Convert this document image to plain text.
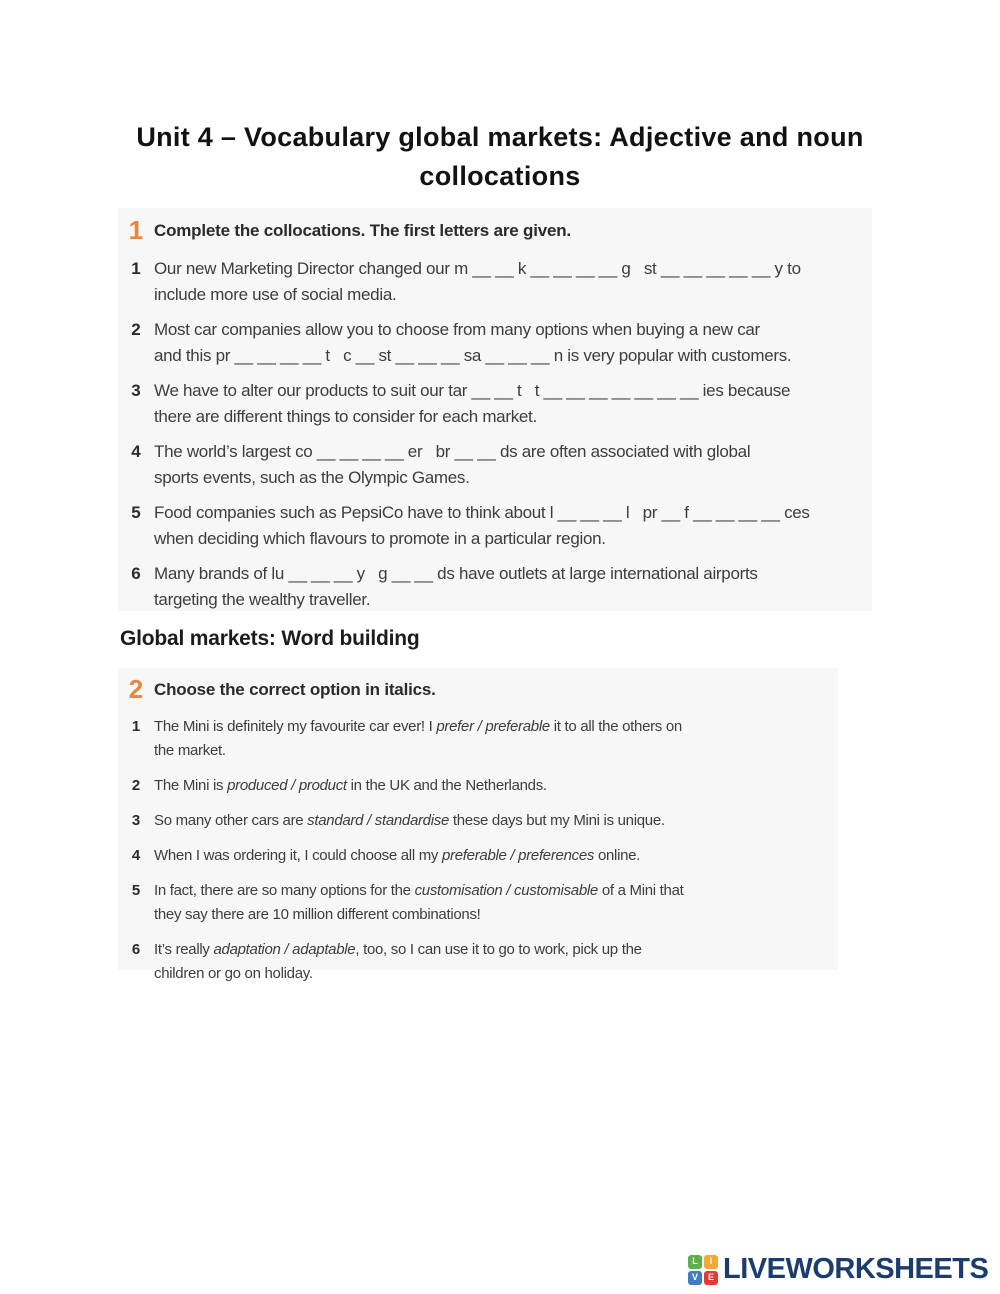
Unit 4 – Vocabulary global markets: Adjective and noun collocations
1 Complete the collocations. The first letters are given.
1 Our new Marketing Director changed our m __ __ k __ __ __ __ g   st __ __ __ __ __ y to
include more use of social media.
2 Most car companies allow you to choose from many options when buying a new car
and this pr __ __ __ __ t   c __ st __ __ __ sa __ __ __ n is very popular with customers.
3 We have to alter our products to suit our tar __ __ t   t __ __ __ __ __ __ __ ies because
there are different things to consider for each market.
4 The world’s largest co __ __ __ __ er   br __ __ ds are often associated with global
sports events, such as the Olympic Games.
5 Food companies such as PepsiCo have to think about l __ __ __ l   pr __ f __ __ __ __ ces
when deciding which flavours to promote in a particular region.
6 Many brands of lu __ __ __ y   g __ __ ds have outlets at large international airports
targeting the wealthy traveller.
Global markets: Word building
2 Choose the correct option in italics.
1 The Mini is definitely my favourite car ever! I prefer / preferable it to all the others on
the market.
2 The Mini is produced / product in the UK and the Netherlands.
3 So many other cars are standard / standardise these days but my Mini is unique.
4 When I was ordering it, I could choose all my preferable / preferences online.
5 In fact, there are so many options for the customisation / customisable of a Mini that
they say there are 10 million different combinations!
6 It’s really adaptation / adaptable, too, so I can use it to go to work, pick up the
children or go on holiday.
L	I
V	E LIVEWORKSHEETS
